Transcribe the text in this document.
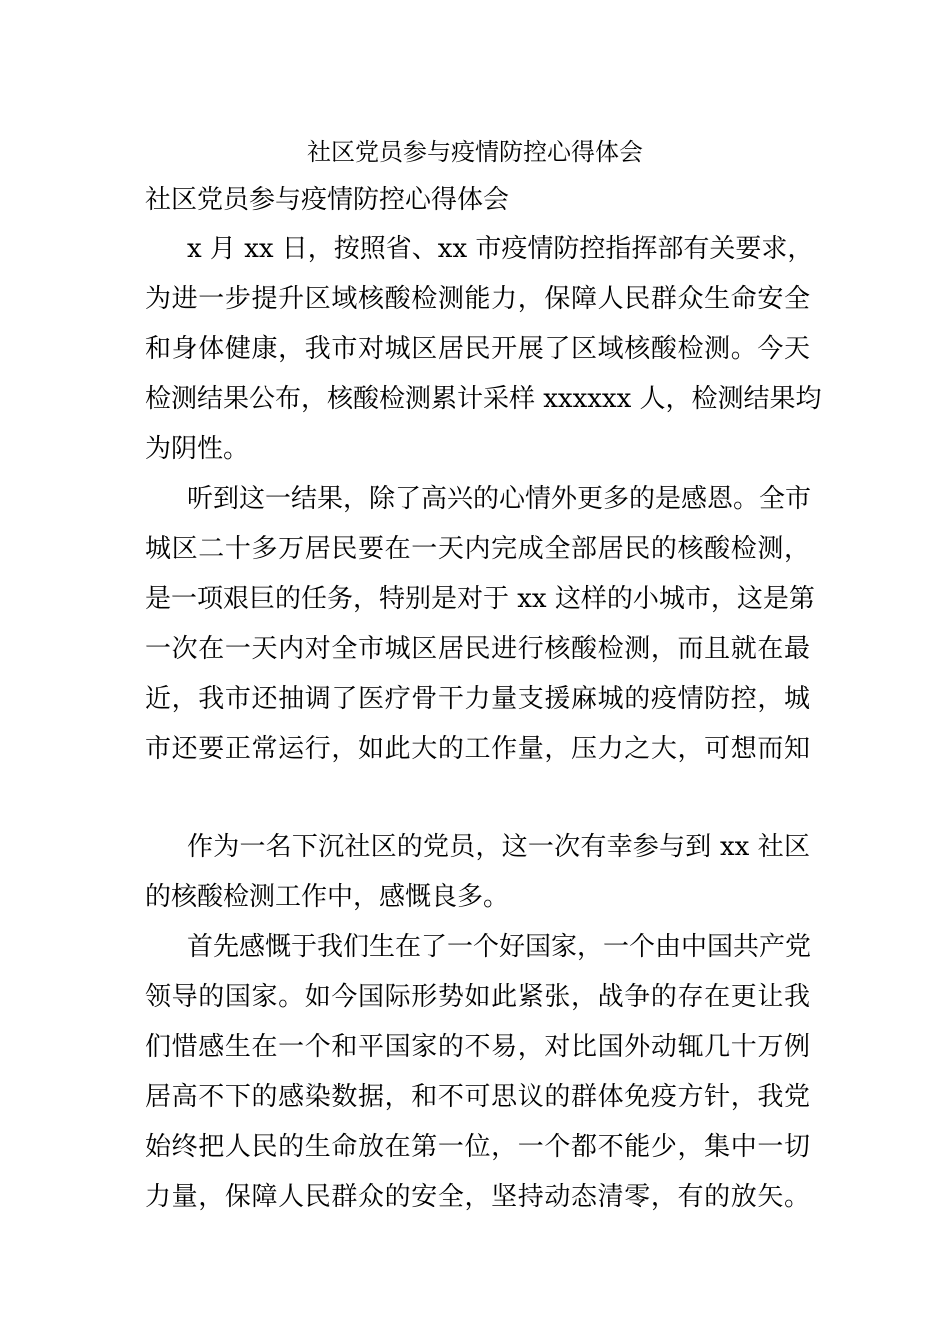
社区党员参与疫情防控心得体会

社区党员参与疫情防控心得体会

x 月 xx 日，按照省、xx 市疫情防控指挥部有关要求，
为进一步提升区域核酸检测能力，保障人民群众生命安全
和身体健康，我市对城区居民开展了区域核酸检测。今天
检测结果公布，核酸检测累计采样 xxxxxx 人，检测结果均
为阴性。
听到这一结果，除了高兴的心情外更多的是感恩。全市
城区二十多万居民要在一天内完成全部居民的核酸检测，
是一项艰巨的任务，特别是对于 xx 这样的小城市，这是第
一次在一天内对全市城区居民进行核酸检测，而且就在最
近，我市还抽调了医疗骨干力量支援麻城的疫情防控，城
市还要正常运行，如此大的工作量，压力之大，可想而知
作为一名下沉社区的党员，这一次有幸参与到 xx 社区
的核酸检测工作中，感慨良多。
首先感慨于我们生在了一个好国家，一个由中国共产党
领导的国家。如今国际形势如此紧张，战争的存在更让我
们惜感生在一个和平国家的不易，对比国外动辄几十万例
居高不下的感染数据，和不可思议的群体免疫方针，我党
始终把人民的生命放在第一位，一个都不能少，集中一切
力量，保障人民群众的安全，坚持动态清零，有的放矢。
